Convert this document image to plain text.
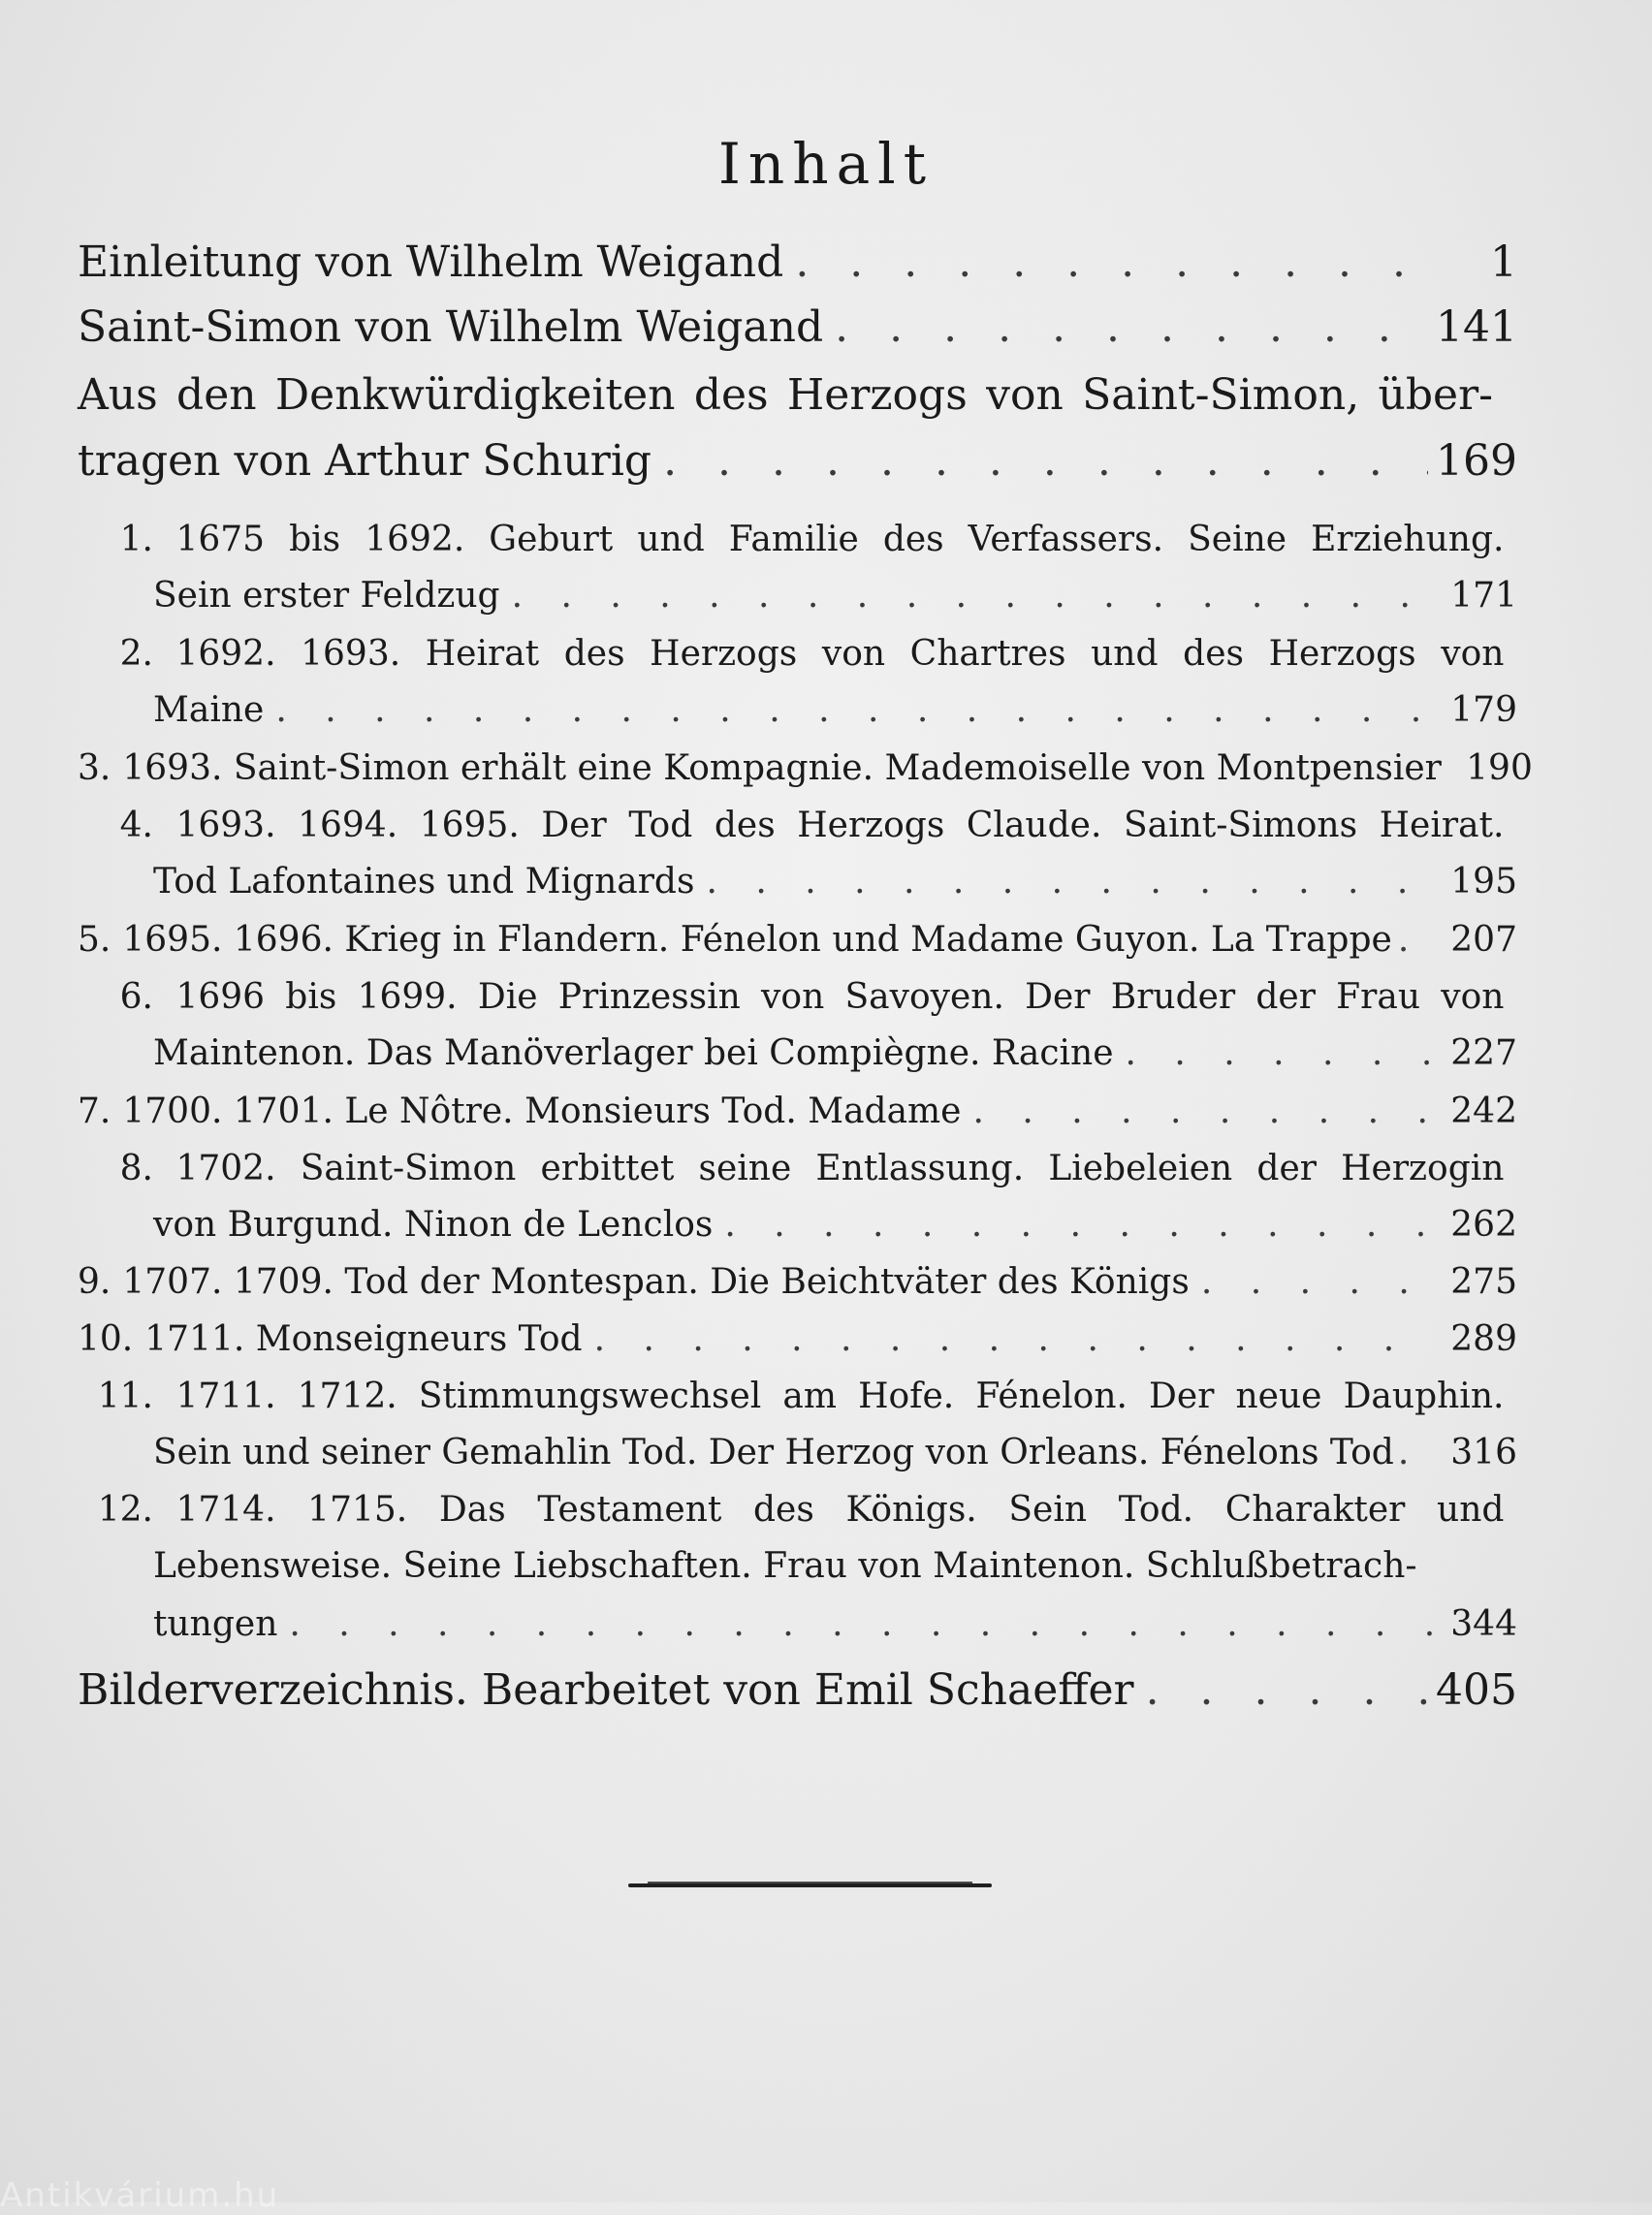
Inhalt
Einleitung von Wilhelm Weigand . . .	1
Saint-Simon von Wilhelm Weigand . . .	141
Aus den Denkwürdigkeiten des Herzogs von Saint-Simon, über-
tragen von Arthur Schurig . . .	169
1. 1675 bis 1692. Geburt und Familie des Verfassers. Seine Erziehung.
Sein erster Feldzug . . .	171
2. 1692. 1693. Heirat des Herzogs von Chartres und des Herzogs von
Maine . . .	179
3. 1693. Saint-Simon erhält eine Kompagnie. Mademoiselle von Montpensier 190
4. 1693. 1694. 1695. Der Tod des Herzogs Claude. Saint-Simons Heirat.
Tod Lafontaines und Mignards . . .	195
5. 1695. 1696. Krieg in Flandern. Fénelon und Madame Guyon. La Trappe . . .	207
6. 1696 bis 1699. Die Prinzessin von Savoyen. Der Bruder der Frau von
Maintenon. Das Manöverlager bei Compiègne. Racine . . .	227
7. 1700. 1701. Le Nôtre. Monsieurs Tod. Madame . . .	242
8. 1702. Saint-Simon erbittet seine Entlassung. Liebeleien der Herzogin
von Burgund. Ninon de Lenclos . . .	262
9. 1707. 1709. Tod der Montespan. Die Beichtväter des Königs . . .	275
10. 1711. Monseigneurs Tod . . .	289
11. 1711. 1712. Stimmungswechsel am Hofe. Fénelon. Der neue Dauphin.
Sein und seiner Gemahlin Tod. Der Herzog von Orleans. Fénelons Tod . . .	316
12. 1714. 1715. Das Testament des Königs. Sein Tod. Charakter und
Lebensweise. Seine Liebschaften. Frau von Maintenon. Schlußbetrach-
tungen . . .	344
Bilderverzeichnis. Bearbeitet von Emil Schaeffer . . .	405
Antikvárium.hu
